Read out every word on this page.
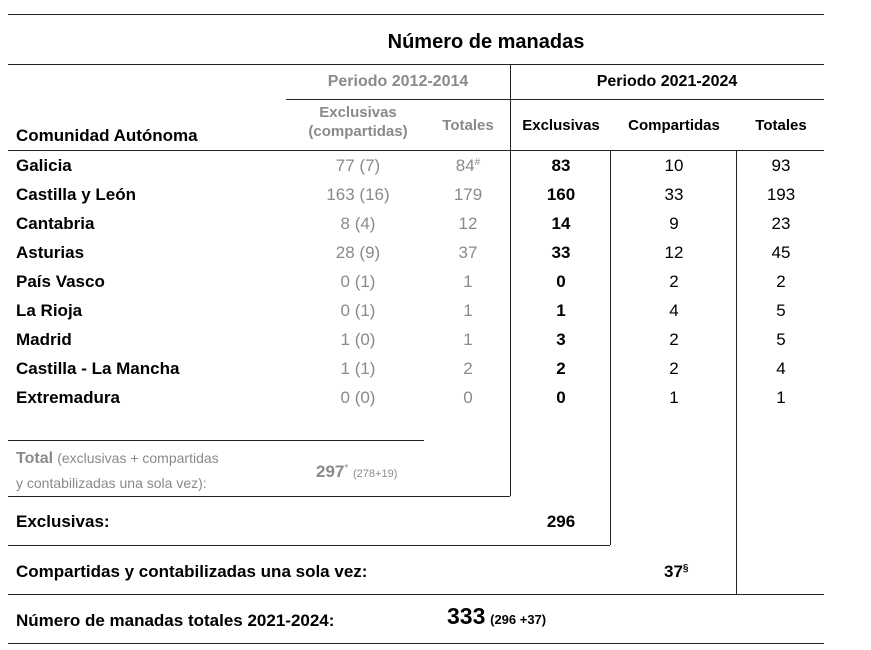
Número de manadas
Periodo 2012-2014	Periodo 2021-2024
Comunidad Autónoma
Exclusivas
(compartidas)	Totales	Exclusivas	Compartidas	Totales
Galicia	77 (7)	84#	83	10	93
Castilla y León	163 (16)	179	160	33	193
Cantabria	8 (4)	12	14	9	23
Asturias	28 (9)	37	33	12	45
País Vasco	0 (1)	1	0	2	2
La Rioja	0 (1)	1	1	4	5
Madrid	1 (0)	1	3	2	5
Castilla - La Mancha	1 (1)	2	2	2	4
Extremadura	0 (0)	0	0	1	1
Total (exclusivas + compartidas
y contabilizadas una sola vez):
297* (278+19)
Exclusivas:	296
Compartidas y contabilizadas una sola vez:	37§
Número de manadas totales 2021-2024:	333 (296 +37)
